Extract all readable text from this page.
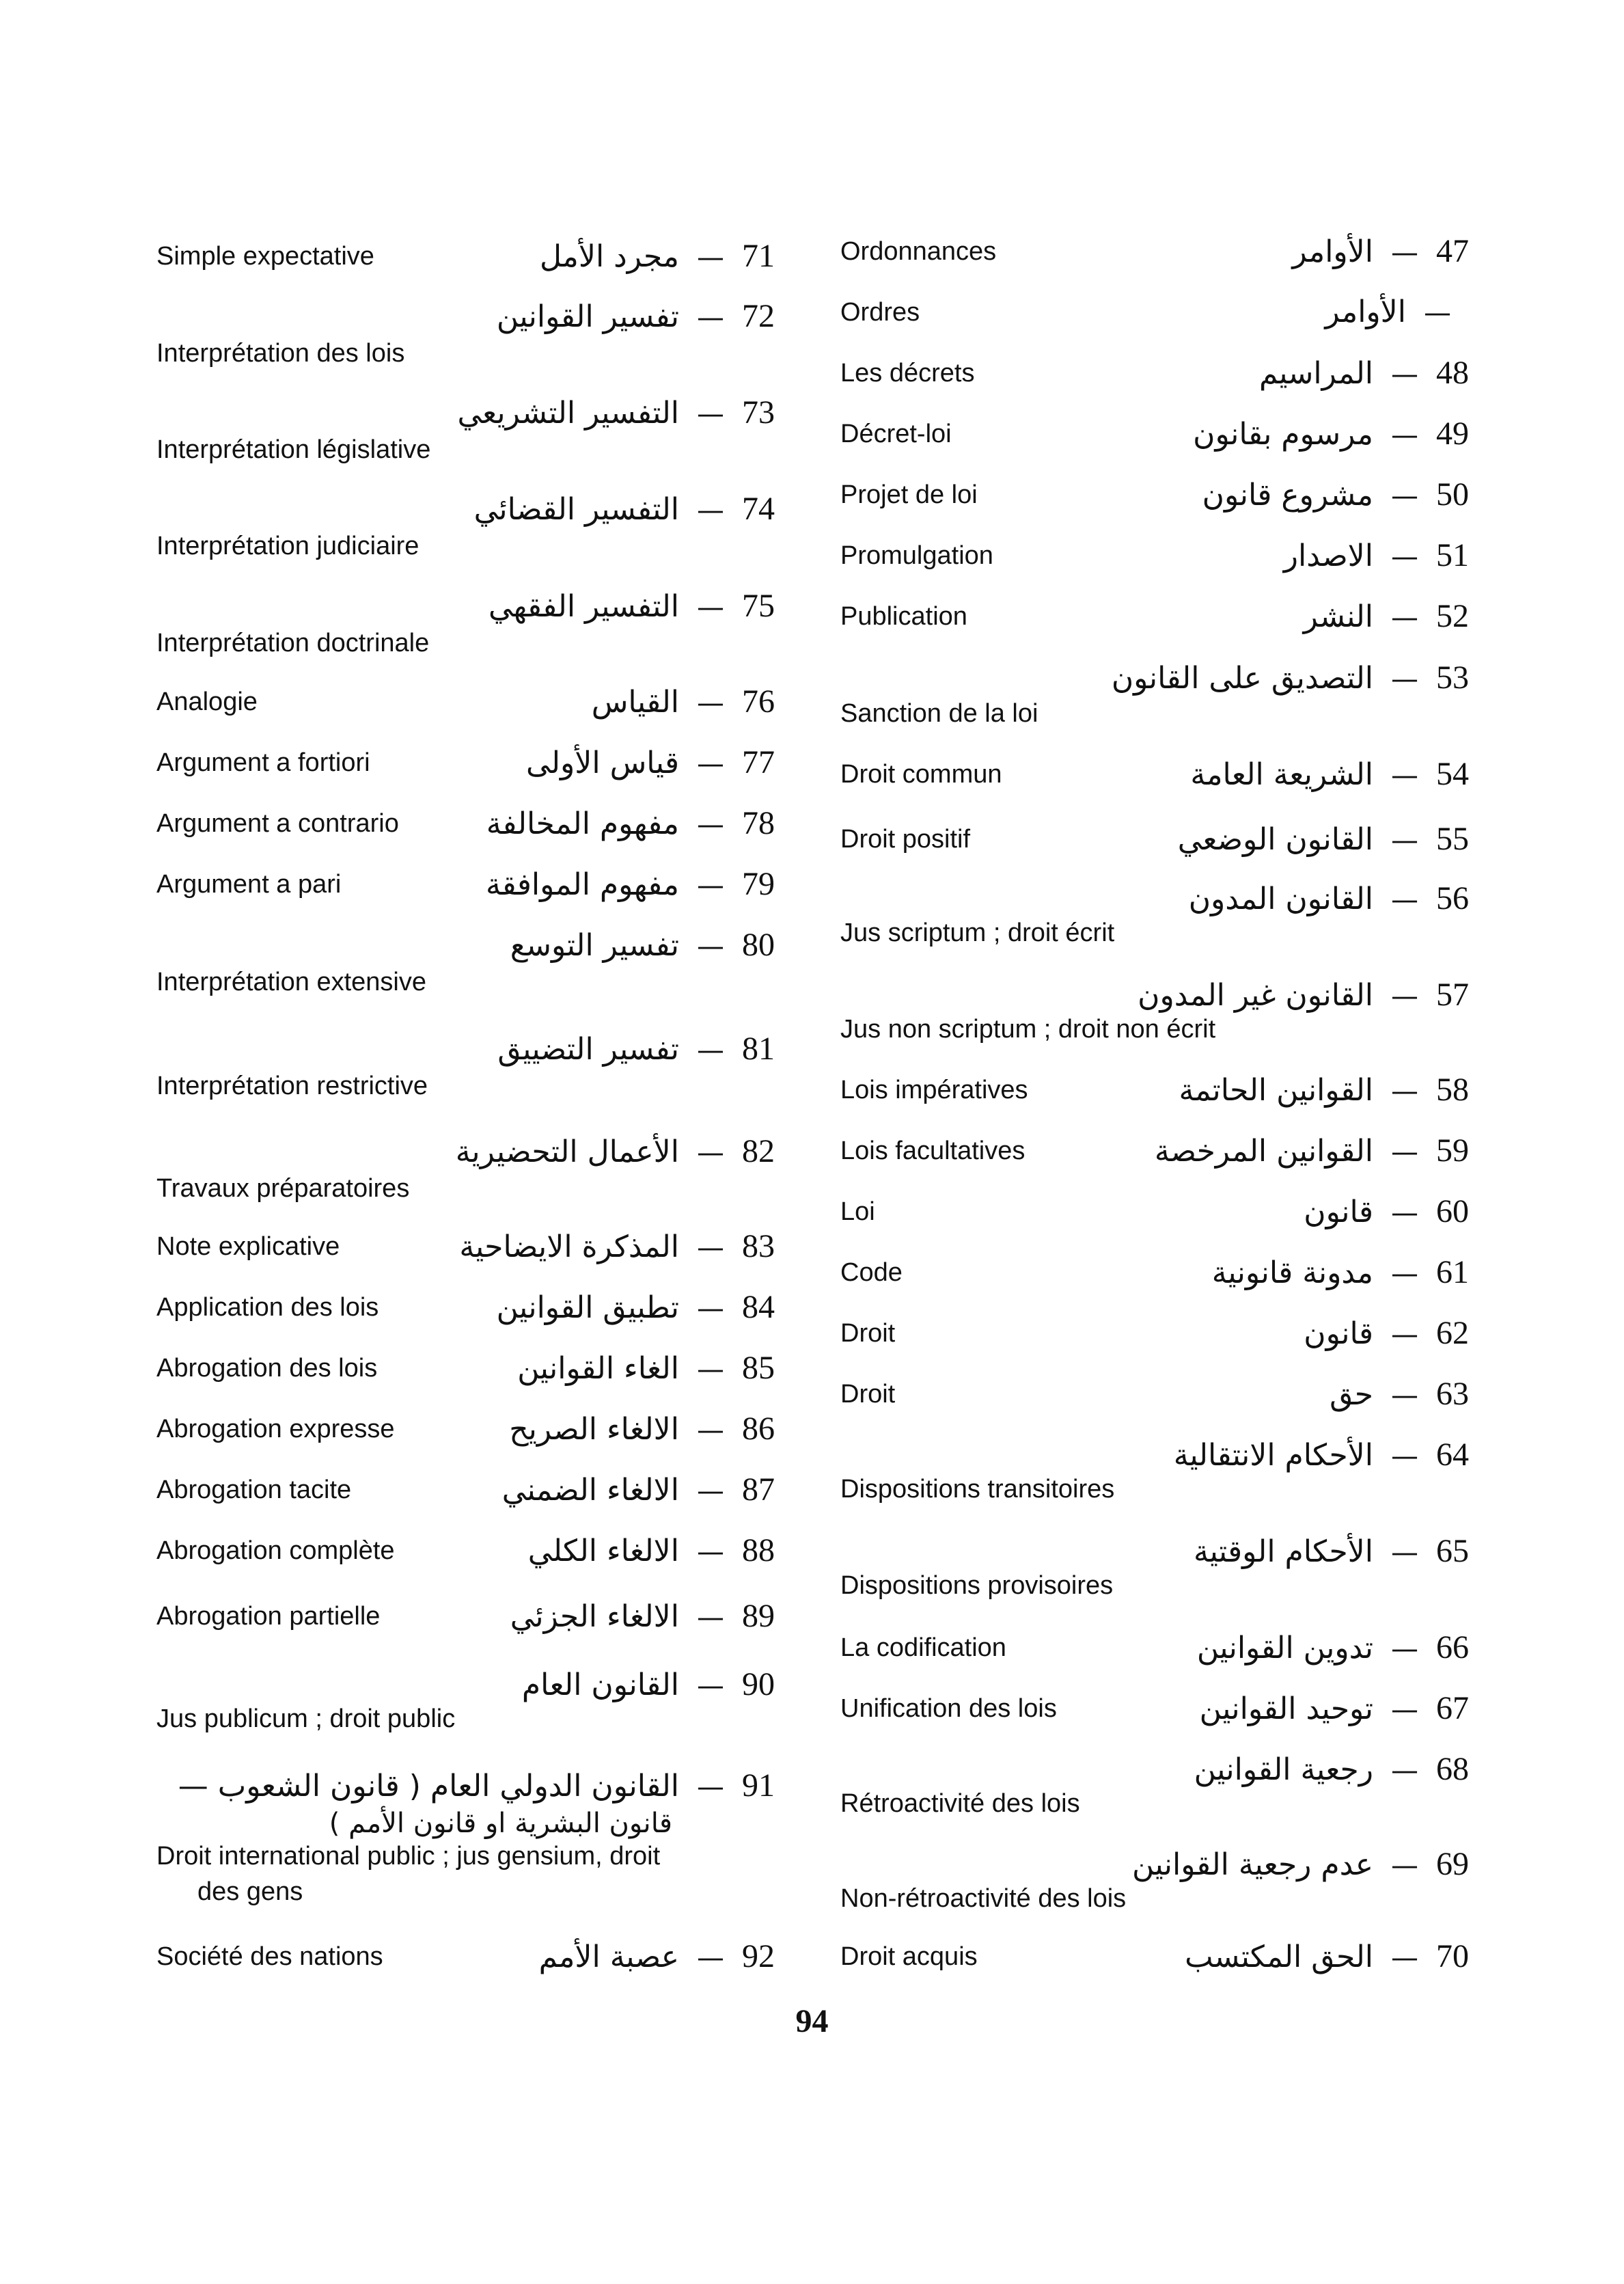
71—مجرد الأمل
Simple expectative
72—تفسير القوانين
Interprétation des lois
73—التفسير التشريعي
Interprétation législative
74—التفسير القضائي
Interprétation judiciaire
75—التفسير الفقهي
Interprétation doctrinale
76—القياس
Analogie
77—قياس الأولى
Argument a fortiori
78—مفهوم المخالفة
Argument a contrario
79—مفهوم الموافقة
Argument a pari
80—تفسير التوسع
Interprétation extensive
81—تفسير التضييق
Interprétation restrictive
82—الأعمال التحضيرية
Travaux préparatoires
83—المذكرة الايضاحية
Note explicative
84—تطبيق القوانين
Application des lois
85—الغاء القوانين
Abrogation des lois
86—الالغاء الصريح
Abrogation expresse
87—الالغاء الضمني
Abrogation tacite
88—الالغاء الكلي
Abrogation complète
89—الالغاء الجزئي
Abrogation partielle
90—القانون العام
Jus publicum ; droit public
91—القانون الدولي العام ( قانون الشعوب —
قانون البشرية او قانون الأمم )
Droit international public ; jus gensium, droit
des gens
92—عصبة الأمم
Société des nations
47—الأوامر
Ordonnances
—الأوامر
Ordres
48—المراسيم
Les décrets
49—مرسوم بقانون
Décret-loi
50—مشروع قانون
Projet de loi
51—الاصدار
Promulgation
52—النشر
Publication
53—التصديق على القانون
Sanction de la loi
54—الشريعة العامة
Droit commun
55—القانون الوضعي
Droit positif
56—القانون المدون
Jus scriptum ; droit écrit
57—القانون غير المدون
Jus non scriptum ; droit non écrit
58—القوانين الحاتمة
Lois impératives
59—القوانين المرخصة
Lois facultatives
60—قانون
Loi
61—مدونة قانونية
Code
62—قانون
Droit
63—حق
Droit
64—الأحكام الانتقالية
Dispositions transitoires
65—الأحكام الوقتية
Dispositions provisoires
66—تدوين القوانين
La codification
67—توحيد القوانين
Unification des lois
68—رجعية القوانين
Rétroactivité des lois
69—عدم رجعية القوانين
Non-rétroactivité des lois
70—الحق المكتسب
Droit acquis
94
